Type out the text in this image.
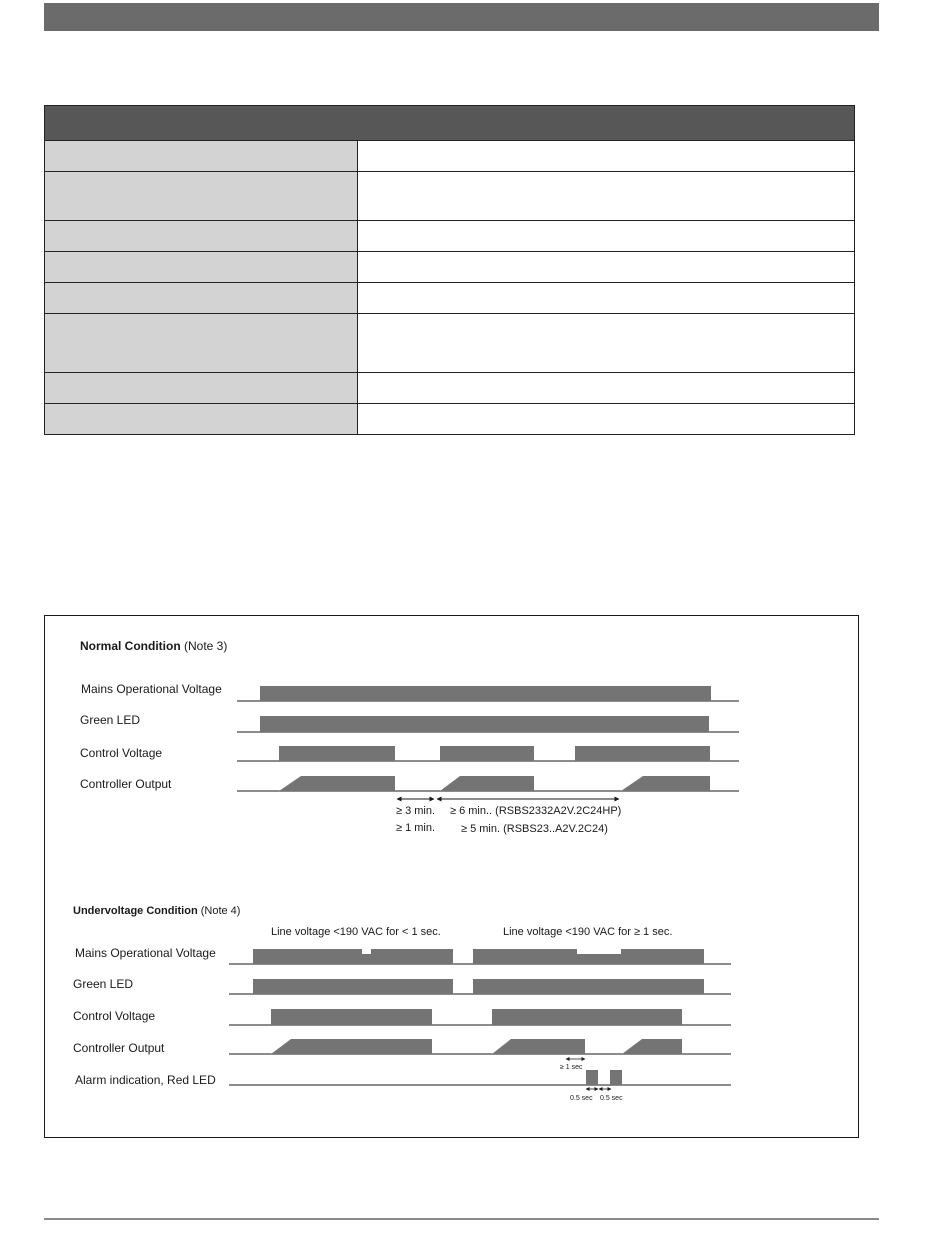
Normal Condition (Note 3)
Mains Operational Voltage
Green LED
Control Voltage
Controller Output
≥ 3 min.
≥ 1 min.
≥ 6 min.. (RSBS2332A2V.2C24HP)
≥ 5 min. (RSBS23..A2V.2C24)
Undervoltage Condition (Note 4)
Line voltage <190 VAC for < 1 sec.	Line voltage <190 VAC for ≥ 1 sec.
Mains Operational Voltage
Green LED
Control Voltage
Controller Output
Alarm indication, Red LED
≥ 1 sec
0.5 sec 0.5 sec
